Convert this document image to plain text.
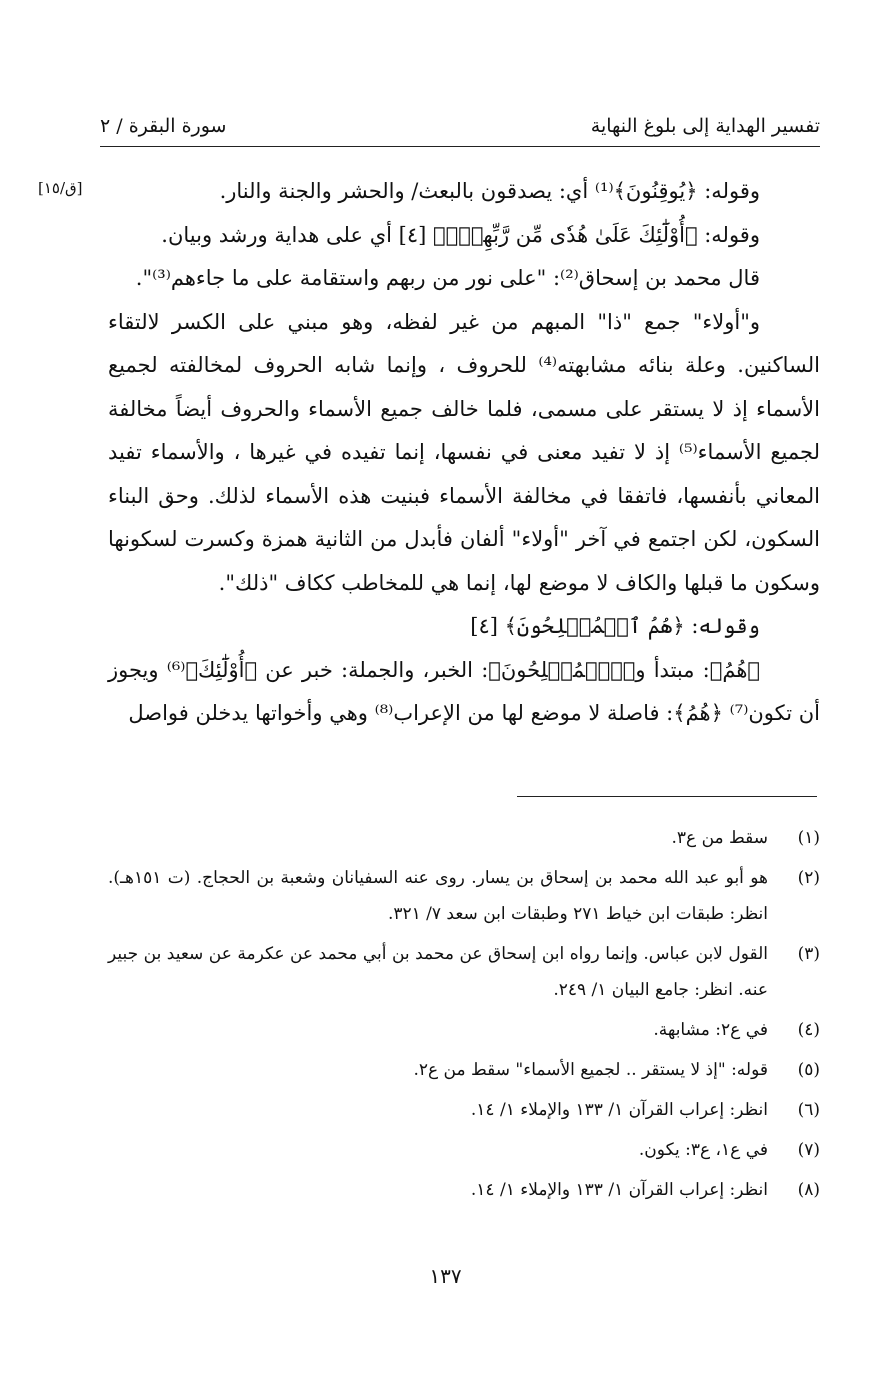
تفسير الهداية إلى بلوغ النهاية
سورة البقرة / ٢
[ق/١٥]	وقوله: ﴿يُوقِنُونَ﴾⁽¹⁾ أي: يصدقون بالبعث/ والحشر والجنة والنار.

وقوله: ﴿أُوْلَٰٓئِكَ عَلَىٰ هُدٗى مِّن رَّبِّهِمۡۖ﴾ [٤] أي على هداية ورشد وبيان.

قال محمد بن إسحاق⁽²⁾: "على نور من ربهم واستقامة على ما جاءهم⁽³⁾".

و"أولاء" جمع "ذا" المبهم من غير لفظه، وهو مبني على الكسر لالتقاء الساكنين. وعلة بنائه مشابهته⁽⁴⁾ للحروف ، وإنما شابه الحروف لمخالفته لجميع الأسماء إذ لا يستقر على مسمى، فلما خالف جميع الأسماء والحروف أيضاً مخالفة لجميع الأسماء⁽⁵⁾ إذ لا تفيد معنى في نفسها، إنما تفيده في غيرها ، والأسماء تفيد المعاني بأنفسها، فاتفقا في مخالفة الأسماء فبنيت هذه الأسماء لذلك. وحق البناء السكون، لكن اجتمع في آخر "أولاء" ألفان فأبدل من الثانية همزة وكسرت لسكونها وسكون ما قبلها والكاف لا موضع لها، إنما هي للمخاطب ككاف "ذلك".

وقوله: ﴿هُمُ ٱلۡمُفۡلِحُونَ﴾ [٤]

﴿هُمُ﴾: مبتدأ و﴿ٱلۡمُفۡلِحُونَ﴾: الخبر، والجملة: خبر عن ﴿أُوْلَٰٓئِكَ﴾⁽⁶⁾ ويجوز أن تكون⁽⁷⁾ ﴿هُمُ﴾: فاصلة لا موضع لها من الإعراب⁽⁸⁾ وهي وأخواتها يدخلن فواصل

(١)
سقط من ع٣.
(٢)
هو أبو عبد الله محمد بن إسحاق بن يسار. روى عنه السفيانان وشعبة بن الحجاج. (ت ١٥١هـ). انظر: طبقات ابن خياط ٢٧١ وطبقات ابن سعد ٧/ ٣٢١.
(٣)
القول لابن عباس. وإنما رواه ابن إسحاق عن محمد بن أبي محمد عن عكرمة عن سعيد بن جبير عنه. انظر: جامع البيان ١/ ٢٤٩.
(٤)
في ع٢: مشابهة.
(٥)
قوله: "إذ لا يستقر .. لجميع الأسماء" سقط من ع٢.
(٦)
انظر: إعراب القرآن ١/ ١٣٣ والإملاء ١/ ١٤.
(٧)
في ع١، ع٣: يكون.
(٨)
انظر: إعراب القرآن ١/ ١٣٣ والإملاء ١/ ١٤.
١٣٧
